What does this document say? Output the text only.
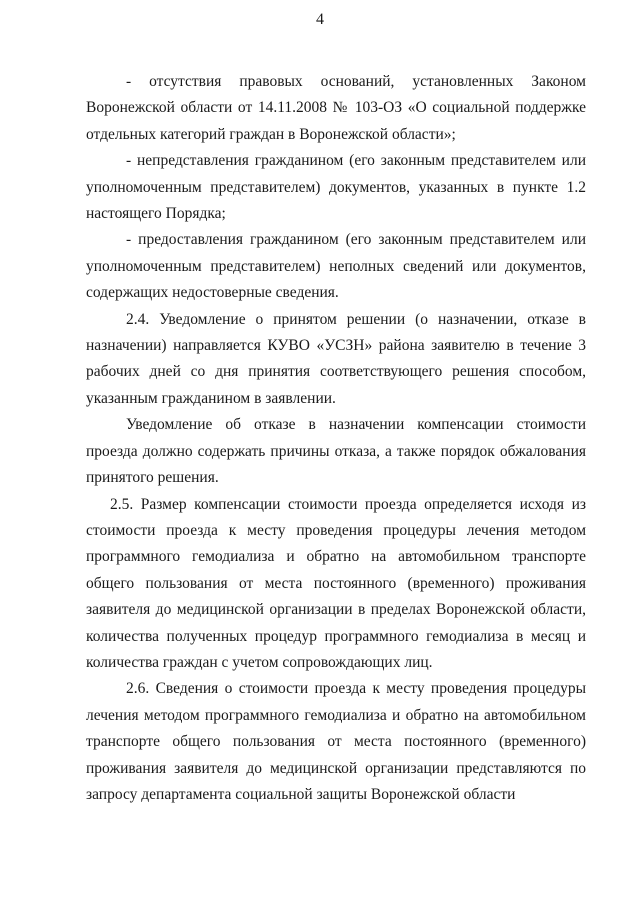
4

- отсутствия правовых оснований, установленных Законом Воронежской области от 14.11.2008 № 103-ОЗ «О социальной поддержке отдельных категорий граждан в Воронежской области»;

- непредставления гражданином (его законным представителем или уполномоченным представителем) документов, указанных в пункте 1.2 настоящего Порядка;

- предоставления гражданином (его законным представителем или уполномоченным представителем) неполных сведений или документов, содержащих недостоверные сведения.

2.4. Уведомление о принятом решении (о назначении, отказе в назначении) направляется КУВО «УСЗН» района заявителю в течение 3 рабочих дней со дня принятия соответствующего решения способом, указанным гражданином в заявлении.

Уведомление об отказе в назначении компенсации стоимости проезда должно содержать причины отказа, а также порядок обжалования принятого решения.

2.5. Размер компенсации стоимости проезда определяется исходя из стоимости проезда к месту проведения процедуры лечения методом программного гемодиализа и обратно на автомобильном транспорте общего пользования от места постоянного (временного) проживания заявителя до медицинской организации в пределах Воронежской области, количества полученных процедур программного гемодиализа в месяц и количества граждан с учетом сопровождающих лиц.

2.6. Сведения о стоимости проезда к месту проведения процедуры лечения методом программного гемодиализа и обратно на автомобильном транспорте общего пользования от места постоянного (временного) проживания заявителя до медицинской организации представляются по запросу департамента социальной защиты Воронежской области
